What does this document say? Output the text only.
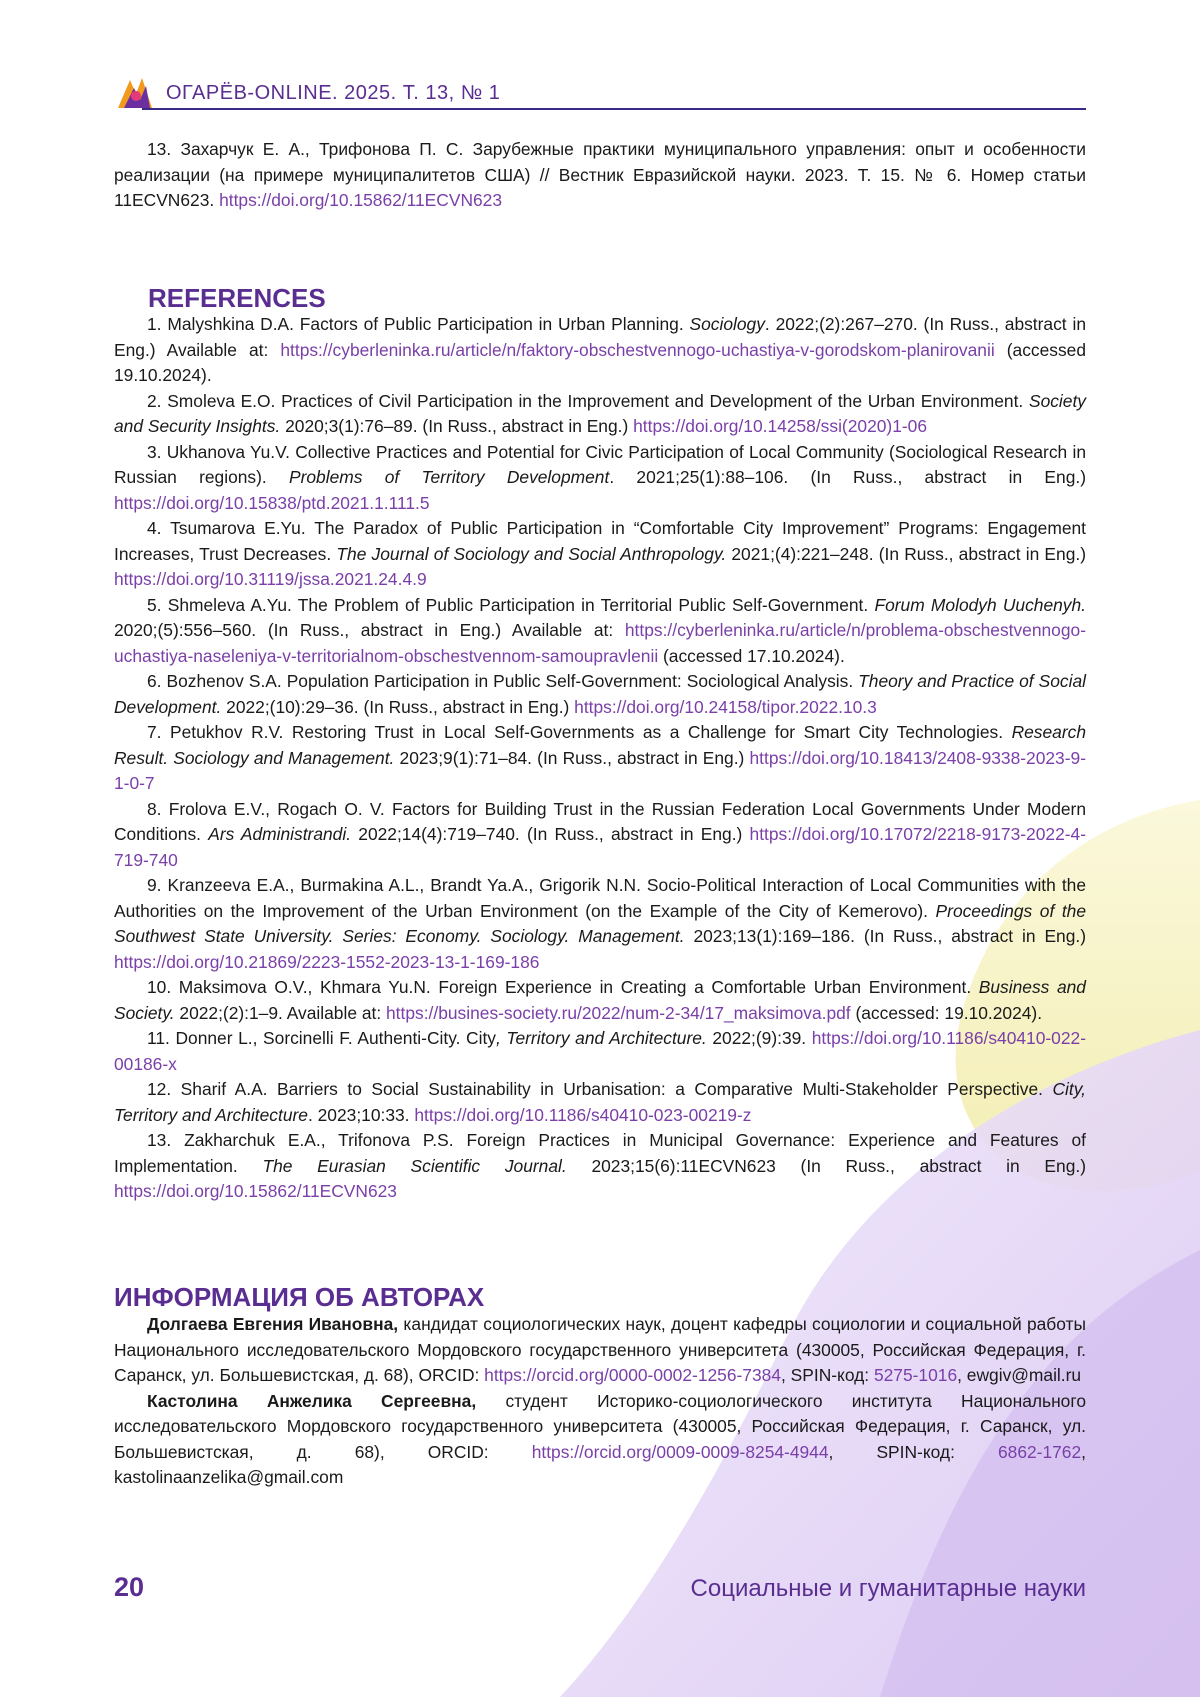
ОГАРЁВ-ONLINE. 2025. Т. 13, № 1

13. Захарчук Е. А., Трифонова П. С. Зарубежные практики муниципального управления: опыт и особенности реализации (на примере муниципалитетов США) // Вестник Евразийской науки. 2023. Т. 15. № 6. Номер статьи 11ECVN623. https://doi.org/10.15862/11ECVN623

REFERENCES

1. Malyshkina D.A. Factors of Public Participation in Urban Planning. Sociology. 2022;(2):267–270. (In Russ., abstract in Eng.) Available at: https://cyberleninka.ru/article/n/faktory-obschestvennogo-uchastiya-v-gorodskom-planirovanii (accessed 19.10.2024).

2. Smoleva E.O. Practices of Civil Participation in the Improvement and Development of the Urban Environment. Society and Security Insights. 2020;3(1):76–89. (In Russ., abstract in Eng.) https://doi.org/10.14258/ssi(2020)1-06

3. Ukhanova Yu.V. Collective Practices and Potential for Civic Participation of Local Community (Sociological Research in Russian regions). Problems of Territory Development. 2021;25(1):88–106. (In Russ., abstract in Eng.) https://doi.org/10.15838/ptd.2021.1.111.5

4. Tsumarova E.Yu. The Paradox of Public Participation in “Comfortable City Improvement” Programs: Engagement Increases, Trust Decreases. The Journal of Sociology and Social Anthropology. 2021;(4):221–248. (In Russ., abstract in Eng.) https://doi.org/10.31119/jssa.2021.24.4.9

5. Shmeleva A.Yu. The Problem of Public Participation in Territorial Public Self-Government. Forum Molodyh Uuchenyh. 2020;(5):556–560. (In Russ., abstract in Eng.) Available at: https://cyberleninka.ru/article/n/problema-obschestvennogo-uchastiya-naseleniya-v-territorialnom-obschestvennom-samoupravlenii (accessed 17.10.2024).

6. Bozhenov S.A. Population Participation in Public Self-Government: Sociological Analysis. Theory and Practice of Social Development. 2022;(10):29–36. (In Russ., abstract in Eng.) https://doi.org/10.24158/tipor.2022.10.3

7. Petukhov R.V. Restoring Trust in Local Self-Governments as a Challenge for Smart City Technologies. Research Result. Sociology and Management. 2023;9(1):71–84. (In Russ., abstract in Eng.) https://doi.org/10.18413/2408-9338-2023-9-1-0-7

8. Frolova E.V., Rogach O. V. Factors for Building Trust in the Russian Federation Local Governments Under Modern Conditions. Ars Administrandi. 2022;14(4):719–740. (In Russ., abstract in Eng.) https://doi.org/10.17072/2218-9173-2022-4-719-740

9. Kranzeeva E.A., Burmakina A.L., Brandt Ya.A., Grigorik N.N. Socio-Political Interaction of Local Communities with the Authorities on the Improvement of the Urban Environment (on the Example of the City of Kemerovo). Proceedings of the Southwest State University. Series: Economy. Sociology. Management. 2023;13(1):169–186. (In Russ., abstract in Eng.) https://doi.org/10.21869/2223-1552-2023-13-1-169-186

10. Maksimova O.V., Khmara Yu.N. Foreign Experience in Creating a Comfortable Urban Environment. Business and Society. 2022;(2):1–9. Available at: https://busines-society.ru/2022/num-2-34/17_maksimova.pdf (accessed: 19.10.2024).

11. Donner L., Sorcinelli F. Authenti-City. City, Territory and Architecture. 2022;(9):39. https://doi.org/10.1186/s40410-022-00186-x

12. Sharif A.A. Barriers to Social Sustainability in Urbanisation: a Comparative Multi-Stakeholder Perspective. City, Territory and Architecture. 2023;10:33. https://doi.org/10.1186/s40410-023-00219-z

13. Zakharchuk E.A., Trifonova P.S. Foreign Practices in Municipal Governance: Experience and Features of Implementation. The Eurasian Scientific Journal. 2023;15(6):11ECVN623 (In Russ., abstract in Eng.) https://doi.org/10.15862/11ECVN623

ИНФОРМАЦИЯ ОБ АВТОРАХ

Долгаева Евгения Ивановна, кандидат социологических наук, доцент кафедры социологии и социальной работы Национального исследовательского Мордовского государственного университета (430005, Российская Федерация, г. Саранск, ул. Большевистская, д. 68), ORCID: https://orcid.org/0000-0002-1256-7384, SPIN-код: 5275-1016, ewgiv@mail.ru

Кастолина Анжелика Сергеевна, студент Историко-социологического института Национального исследовательского Мордовского государственного университета (430005, Российская Федерация, г. Саранск, ул. Большевистская, д. 68), ORCID: https://orcid.org/0009-0009-8254-4944, SPIN-код: 6862-1762, kastolinaanzelika@gmail.com

20	Социальные и гуманитарные науки
